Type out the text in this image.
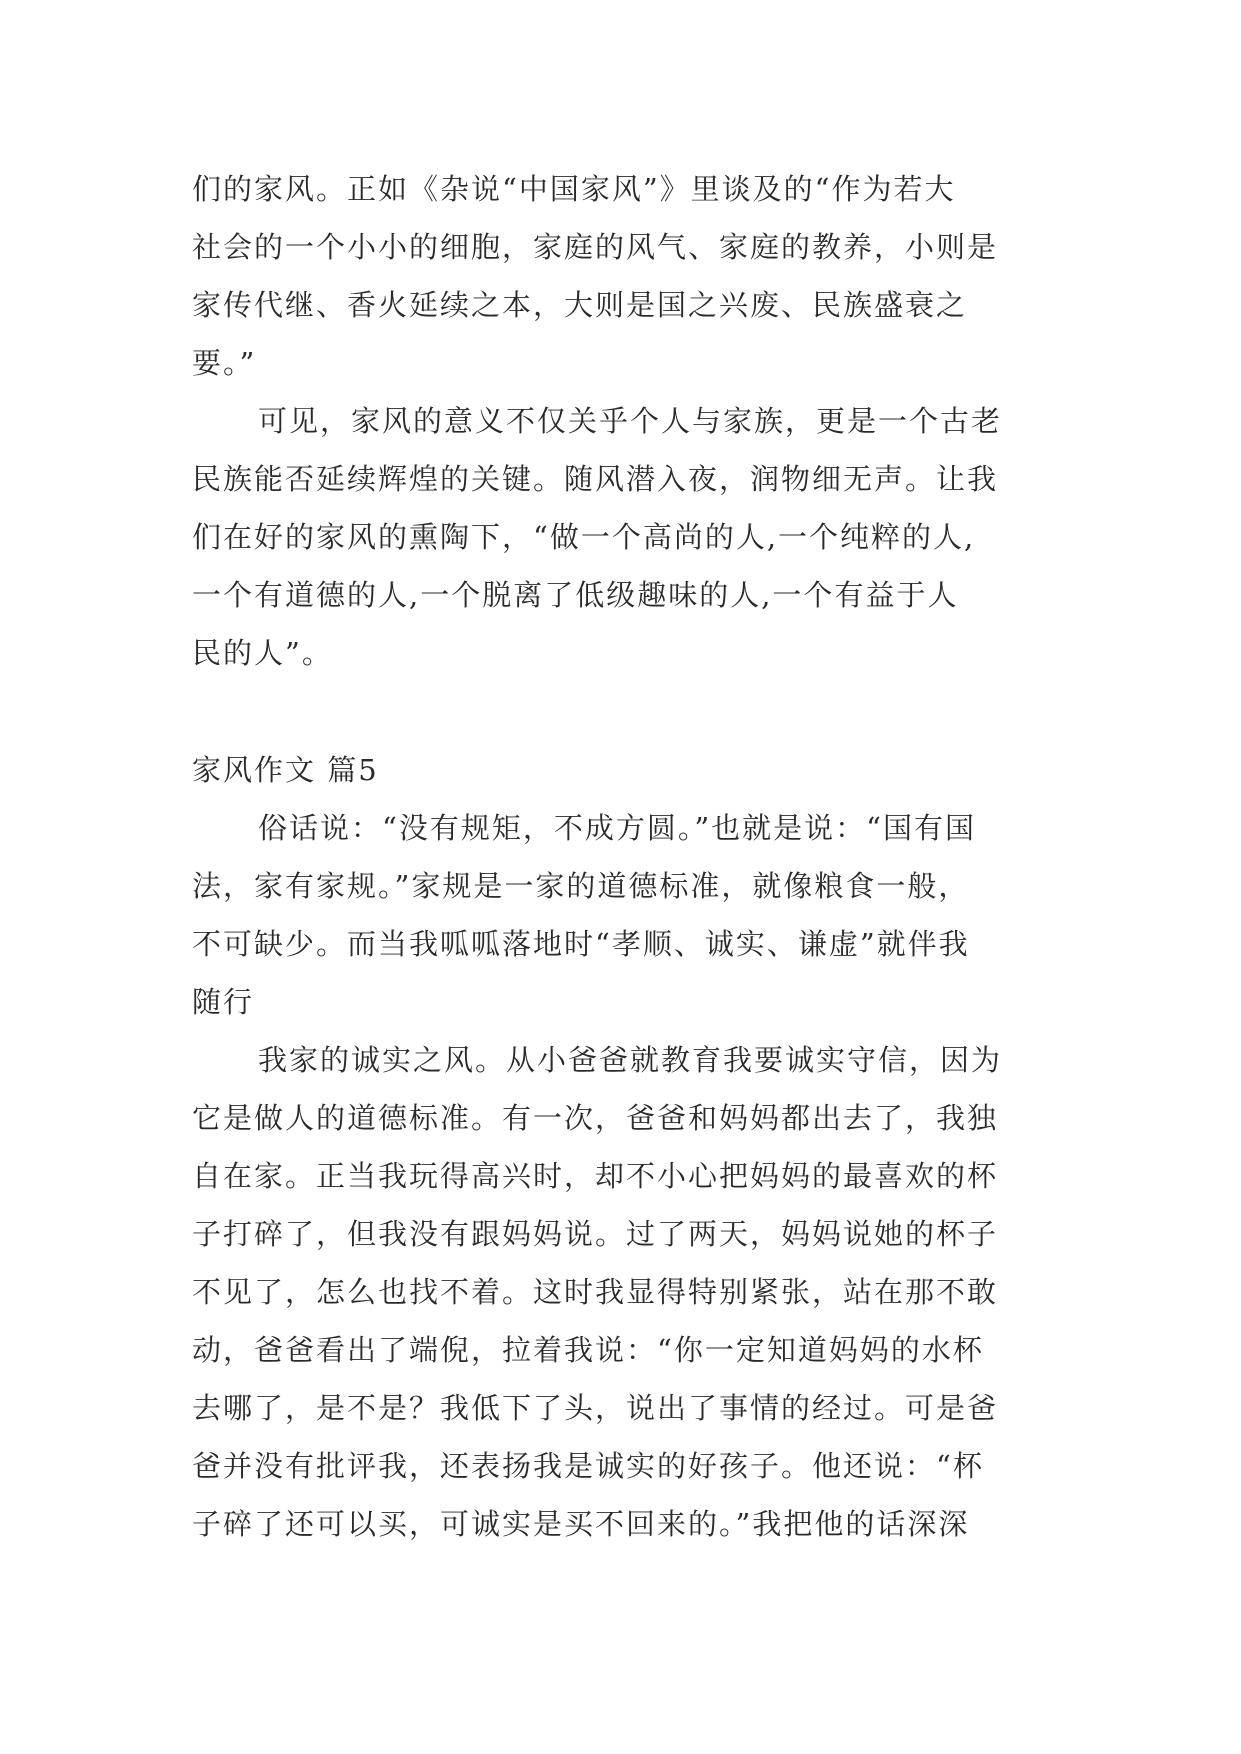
们的家风。正如《杂说“中国家风”》里谈及的“作为若大
社会的一个小小的细胞，家庭的风气、家庭的教养，小则是
家传代继、香火延续之本，大则是国之兴废、民族盛衰之
要。”
可见，家风的意义不仅关乎个人与家族，更是一个古老
民族能否延续辉煌的关键。随风潜入夜，润物细无声。让我
们在好的家风的熏陶下，“做一个高尚的人,一个纯粹的人,
一个有道德的人,一个脱离了低级趣味的人,一个有益于人
民的人”。
家风作文 篇5
俗话说：“没有规矩，不成方圆。”也就是说：“国有国
法，家有家规。”家规是一家的道德标准，就像粮食一般，
不可缺少。而当我呱呱落地时“孝顺、诚实、谦虚”就伴我
随行
我家的诚实之风。从小爸爸就教育我要诚实守信，因为
它是做人的道德标准。有一次，爸爸和妈妈都出去了，我独
自在家。正当我玩得高兴时，却不小心把妈妈的最喜欢的杯
子打碎了，但我没有跟妈妈说。过了两天，妈妈说她的杯子
不见了，怎么也找不着。这时我显得特别紧张，站在那不敢
动，爸爸看出了端倪，拉着我说：“你一定知道妈妈的水杯
去哪了，是不是？我低下了头，说出了事情的经过。可是爸
爸并没有批评我，还表扬我是诚实的好孩子。他还说：“杯
子碎了还可以买，可诚实是买不回来的。”我把他的话深深
